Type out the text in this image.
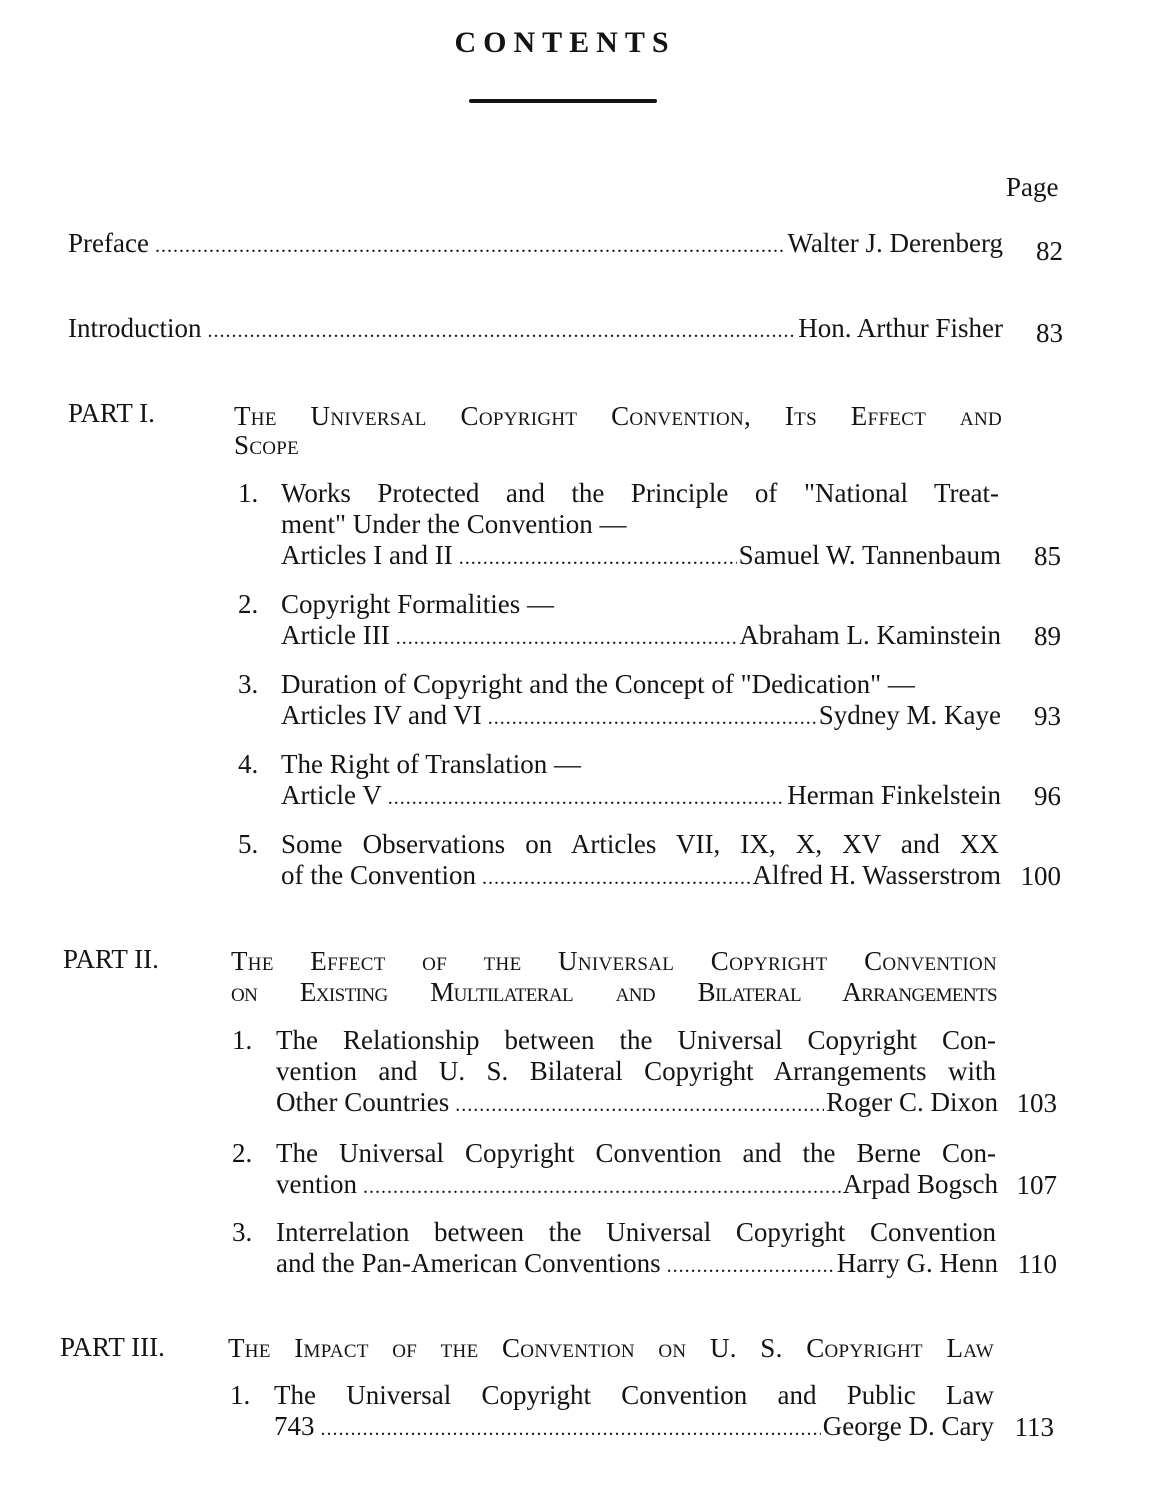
CONTENTS
Page
Preface .....	Walter J. Derenberg	82
Introduction .....	Hon. Arthur Fisher	83
PART I.	The Universal Copyright Convention, Its Effect and
Scope
1. Works Protected and the Principle of "National Treat-
ment" Under the Convention —
Articles I and II .....	Samuel W. Tannenbaum	85
2. Copyright Formalities —
Article III .....	Abraham L. Kaminstein	89
3. Duration of Copyright and the Concept of "Dedication" —
Articles IV and VI .....	Sydney M. Kaye	93
4. The Right of Translation —
Article V .....	Herman Finkelstein	96
5. Some Observations on Articles VII, IX, X, XV and XX
of the Convention .....	Alfred H. Wasserstrom 100
PART II.	The Effect of the Universal Copyright Convention
on Existing Multilateral and Bilateral Arrangements
1. The Relationship between the Universal Copyright Con-
vention and U. S. Bilateral Copyright Arrangements with
Other Countries .....	Roger C. Dixon 103
2. The Universal Copyright Convention and the Berne Con-
vention .....	Arpad Bogsch 107
3. Interrelation between the Universal Copyright Convention
and the Pan-American Conventions .....	Harry G. Henn 110
PART III. The Impact of the Convention on U. S. Copyright Law
1. The Universal Copyright Convention and Public Law
743 .....	George D. Cary 113
